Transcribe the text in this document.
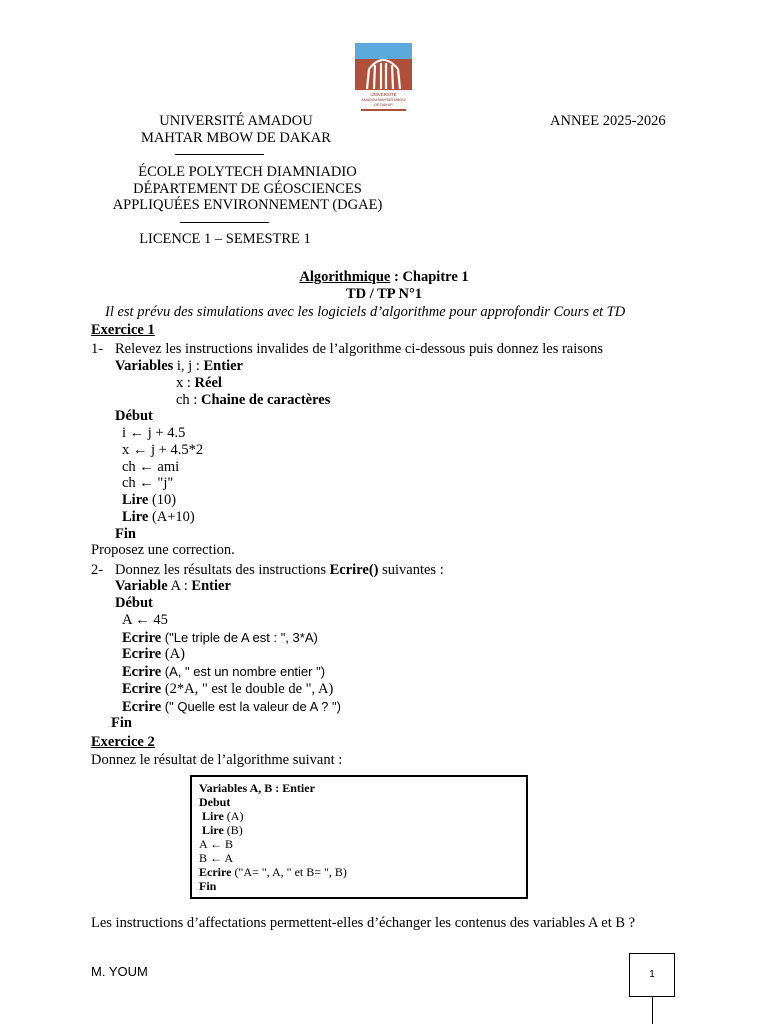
UNIVERSITE
AMADOU MAHTAR MBOW
DE DAKAR
UNIVERSITÉ AMADOU
MAHTAR MBOW DE DAKAR
ANNEE 2025-2026
ÉCOLE POLYTECH DIAMNIADIO
DÉPARTEMENT DE GÉOSCIENCES
APPLIQUÉES ENVIRONNEMENT (DGAE)
LICENCE 1 – SEMESTRE 1
Algorithmique : Chapitre 1
TD / TP N°1
Il est prévu des simulations avec les logiciels d’algorithme pour approfondir Cours et TD
Exercice 1
1- Relevez les instructions invalides de l’algorithme ci-dessous puis donnez les raisons
Variables i, j : Entier
x : Réel
ch : Chaine de caractères
Début
i ← j + 4.5
x ← j + 4.5*2
ch ← ami
ch ← "j"
Lire (10)
Lire (A+10)
Fin
Proposez une correction.
2- Donnez les résultats des instructions Ecrire() suivantes :
Variable A : Entier
Début
A ← 45
Ecrire ("Le triple de A est : ", 3*A)
Ecrire (A)
Ecrire (A, " est un nombre entier ")
Ecrire (2*A, " est le double de ", A)
Ecrire (" Quelle est la valeur de A ? ")
Fin
Exercice 2
Donnez le résultat de l’algorithme suivant :
Variables A, B : Entier
Debut
Lire (A)
Lire (B)
A ← B
B ← A
Ecrire ("A= ", A, " et B= ", B)
Fin
Les instructions d’affectations permettent-elles d’échanger les contenus des variables A et B ?
M. YOUM	1
